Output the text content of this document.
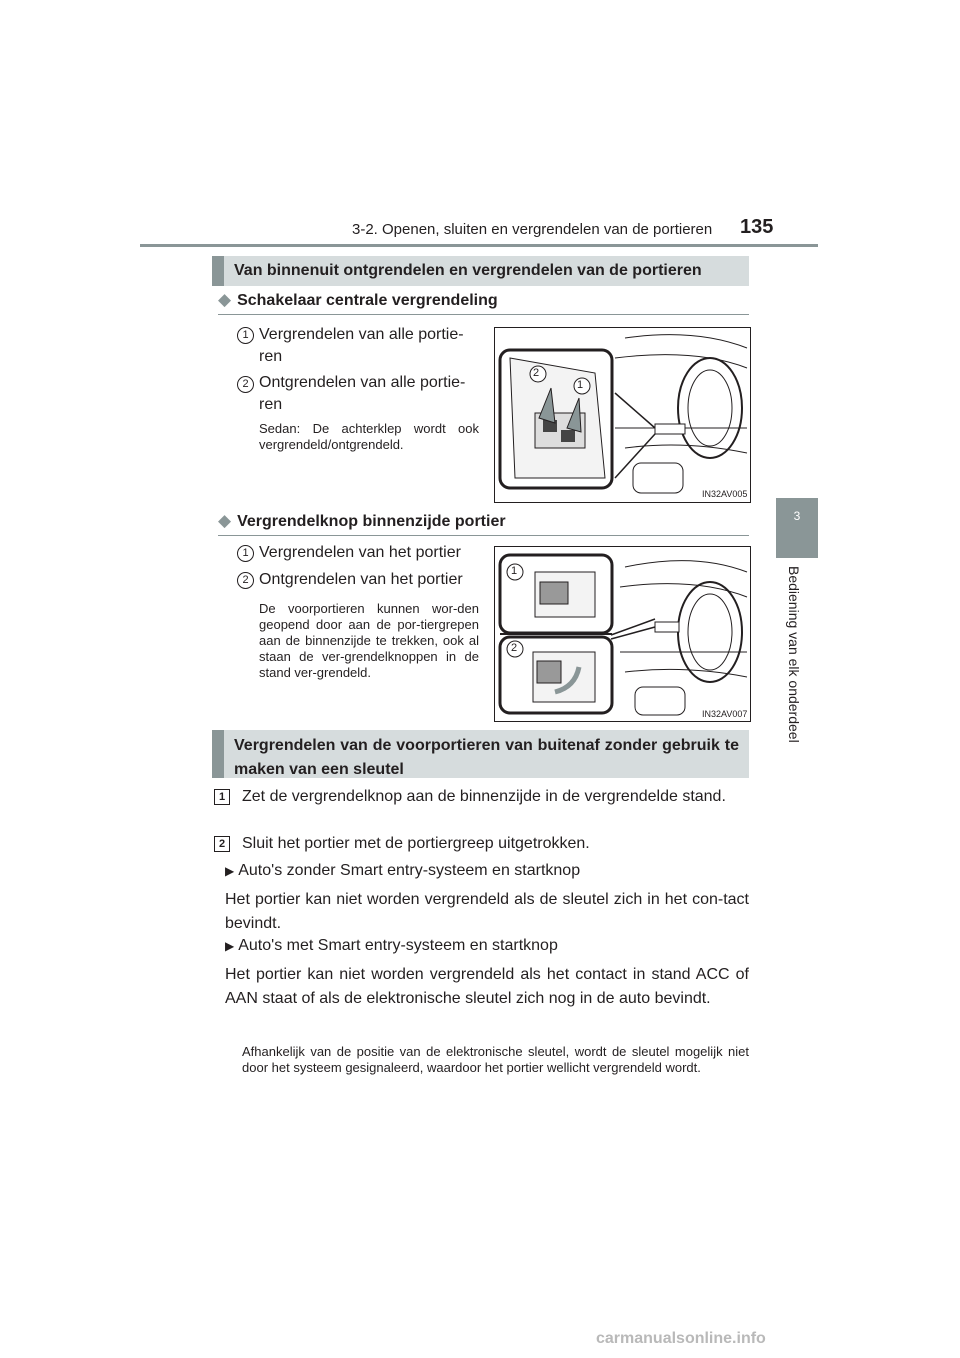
3-2. Openen, sluiten en vergrendelen van de portieren 135
3
Bediening van elk onderdeel
Van binnenuit ontgrendelen en vergrendelen van de portieren
◆ Schakelaar centrale vergrendeling
1 Vergrendelen van alle portie-ren
2 Ontgrendelen van alle portie-ren
Sedan: De achterklep wordt ook vergrendeld/ontgrendeld.
2
1
IN32AV005
◆ Vergrendelknop binnenzijde portier
1 Vergrendelen van het portier
2 Ontgrendelen van het portier
De voorportieren kunnen wor-den geopend door aan de por-tiergrepen aan de binnenzijde te trekken, ook al staan de ver-grendelknoppen in de stand ver-grendeld.
1
2
IN32AV007
Vergrendelen van de voorportieren van buitenaf zonder gebruik te maken van een sleutel
1	Zet de vergrendelknop aan de binnenzijde in de vergrendelde stand.
2	Sluit het portier met de portiergreep uitgetrokken.
▶ Auto's zonder Smart entry-systeem en startknop
Het portier kan niet worden vergrendeld als de sleutel zich in het con-tact bevindt.
▶ Auto's met Smart entry-systeem en startknop
Het portier kan niet worden vergrendeld als het contact in stand ACC of AAN staat of als de elektronische sleutel zich nog in de auto bevindt.
Afhankelijk van de positie van de elektronische sleutel, wordt de sleutel mogelijk niet door het systeem gesignaleerd, waardoor het portier wellicht vergrendeld wordt.
carmanualsonline.info
